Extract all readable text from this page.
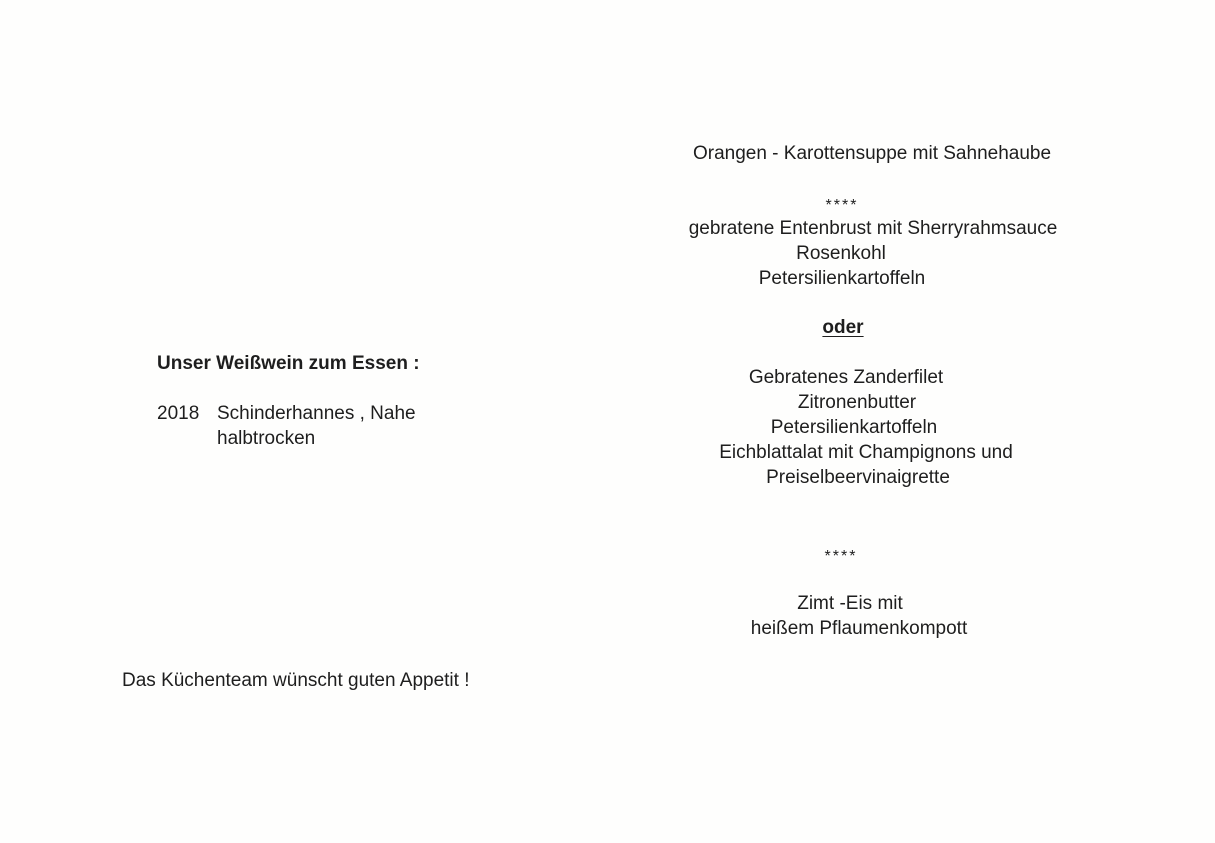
Unser Weißwein zum Essen :
2018 Schinderhannes , Nahe
halbtrocken
Das Küchenteam wünscht guten Appetit !
Orangen - Karottensuppe mit Sahnehaube
****
gebratene Entenbrust mit Sherryrahmsauce
Rosenkohl
Petersilienkartoffeln
oder
Gebratenes Zanderfilet
Zitronenbutter
Petersilienkartoffeln
Eichblattalat mit Champignons und
Preiselbeervinaigrette
****
Zimt -Eis mit
heißem Pflaumenkompott
